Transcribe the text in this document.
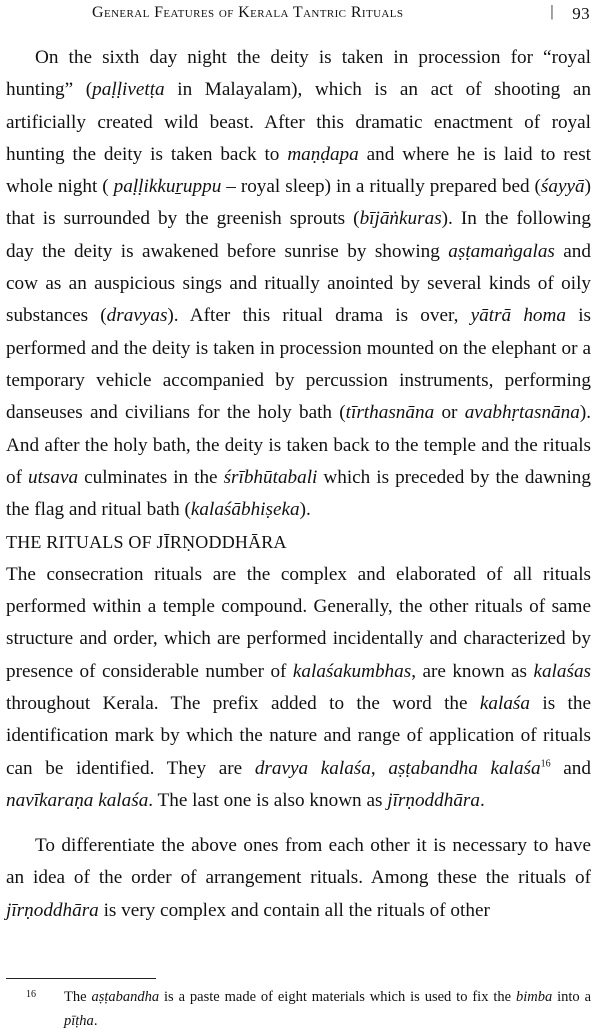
General Features of Kerala Tantric Rituals	| 93

On the sixth day night the deity is taken in procession for “royal hunting” (paḷḷivetṭa in Malayalam), which is an act of shooting an artificially created wild beast. After this dramatic enactment of royal hunting the deity is taken back to maṇḍapa and where he is laid to rest whole night ( paḷḷikkuṟuppu – royal sleep) in a ritually prepared bed (śayyā) that is surrounded by the greenish sprouts (bījāṅkuras). In the following day the deity is awakened before sunrise by showing aṣṭamaṅgalas and cow as an auspicious sings and ritually anointed by several kinds of oily substances (dravyas). After this ritual drama is over, yātrā homa is performed and the deity is taken in procession mounted on the elephant or a temporary vehicle accompanied by percussion instruments, performing danseuses and civilians for the holy bath (tīrthasnāna or avabhṛtasnāna). And after the holy bath, the deity is taken back to the temple and the rituals of utsava culminates in the śrībhūtabali which is preceded by the dawning the flag and ritual bath (kalaśābhiṣeka).

THE RITUALS OF JĪRṆODDHĀRA

The consecration rituals are the complex and elaborated of all rituals performed within a temple compound. Generally, the other rituals of same structure and order, which are performed incidentally and characterized by presence of considerable number of kalaśakumbhas, are known as kalaśas throughout Kerala. The prefix added to the word the kalaśa is the identification mark by which the nature and range of application of rituals can be identified. They are dravya kalaśa, aṣṭabandha kalaśa$^{16}$ and navīkaraṇa kalaśa. The last one is also known as jīrṇoddhāra.

To differentiate the above ones from each other it is necessary to have an idea of the order of arrangement rituals. Among these the rituals of jīrṇoddhāra is very complex and contain all the rituals of other

16 The aṣṭabandha is a paste made of eight materials which is used to fix the bimba into a pīṭha.
